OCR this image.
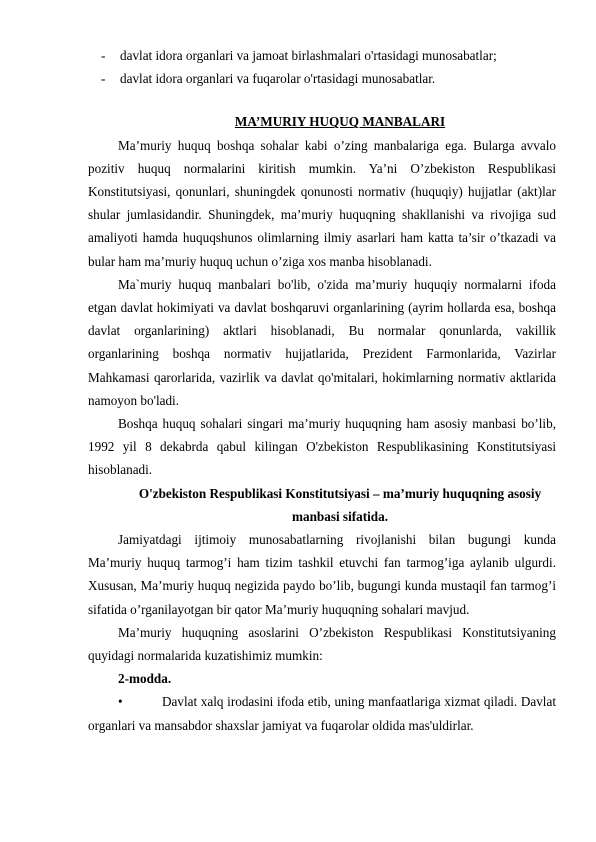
-	davlat idora organlari va jamoat birlashmalari o'rtasidagi munosabatlar;
-	davlat idora organlari va fuqarolar o'rtasidagi munosabatlar.
MA’MURIY HUQUQ MANBALARI

Ma’muriy huquq boshqa sohalar kabi o’zing manbalariga ega. Bularga avvalo pozitiv huquq normalarini kiritish mumkin. Ya’ni O’zbekiston Respublikasi Konstitutsiyasi, qonunlari, shuningdek qonunosti normativ (huquqiy) hujjatlar (akt)lar shular jumlasidandir. Shuningdek, ma’muriy huquqning shakllanishi va rivojiga sud amaliyoti hamda huquqshunos olimlarning ilmiy asarlari ham katta ta’sir o’tkazadi va bular ham ma’muriy huquq uchun o’ziga xos manba hisoblanadi.

Ma`muriy huquq manbalari bo'lib, o'zida ma’muriy huquqiy normalarni ifoda etgan davlat hokimiyati va davlat boshqaruvi organlarining (ayrim hollarda esa, boshqa davlat organlarining) aktlari hisoblanadi, Bu normalar qonunlarda, vakillik organlarining boshqa normativ hujjatlarida, Prezident Farmonlarida, Vazirlar Mahkamasi qarorlarida, vazirlik va davlat qo'mitalari, hokimlarning normativ aktlarida namoyon bo'ladi.

Boshqa huquq sohalari singari ma’muriy huquqning ham asosiy manbasi bo’lib, 1992 yil 8 dekabrda qabul kilingan O'zbekiston Respublikasining Konstitutsiyasi hisoblanadi.

O'zbekiston Respublikasi Konstitutsiyasi – ma’muriy huquqning asosiy
manbasi sifatida.

Jamiyatdagi ijtimoiy munosabatlarning rivojlanishi bilan bugungi kunda Ma’muriy huquq tarmog’i ham tizim tashkil etuvchi fan tarmog’iga aylanib ulgurdi. Xususan, Ma’muriy huquq negizida paydo bo’lib, bugungi kunda mustaqil fan tarmog’i sifatida o’rganilayotgan bir qator Ma’muriy huquqning sohalari mavjud.

Ma’muriy huquqning asoslarini O’zbekiston Respublikasi Konstitutsiyaning quyidagi normalarida kuzatishimiz mumkin:

2-modda.

•	Davlat xalq irodasini ifoda etib, uning manfaatlariga xizmat qiladi. Davlat organlari va mansabdor shaxslar jamiyat va fuqarolar oldida mas'uldirlar.
